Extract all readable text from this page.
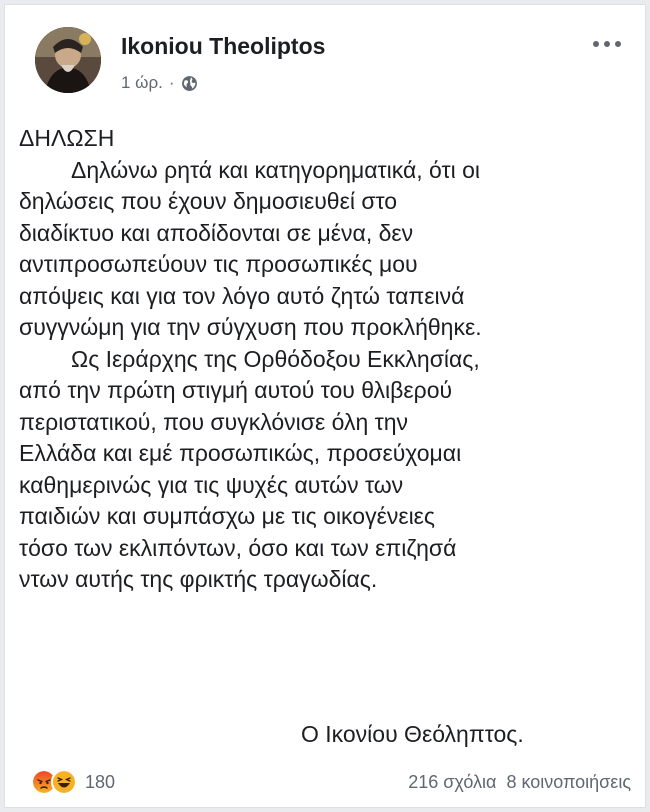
Ikoniou Theoliptos
1 ώρ. ·
ΔΗΛΩΣΗ

Δηλώνω ρητά και κατηγορηματικά, ότι οι
δηλώσεις που έχουν δημοσιευθεί στο
διαδίκτυο και αποδίδονται σε μένα, δεν
αντιπροσωπεύουν τις προσωπικές μου
απόψεις και για τον λόγο αυτό ζητώ ταπεινά
συγγνώμη για την σύγχυση που προκλήθηκε.

Ως Ιεράρχης της Ορθόδοξου Εκκλησίας,
από την πρώτη στιγμή αυτού του θλιβερού
περιστατικού, που συγκλόνισε όλη την
Ελλάδα και εμέ προσωπικώς, προσεύχομαι
καθημερινώς για τις ψυχές αυτών των
παιδιών και συμπάσχω με τις οικογένειες
τόσο των εκλιπόντων, όσο και των επιζησά
ντων αυτής της φρικτής τραγωδίας.

Ο Ικονίου Θεόληπτος.
180	216 σχόλια 8 κοινοποιήσεις
